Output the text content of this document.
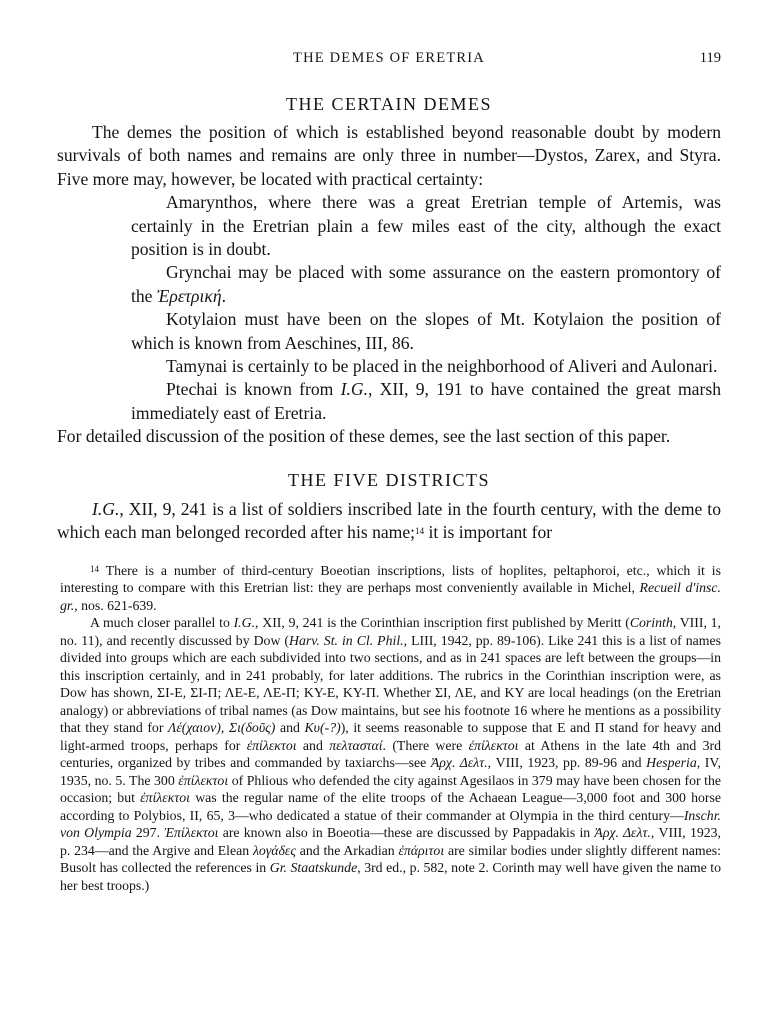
THE DEMES OF ERETRIA	119
THE CERTAIN DEMES

The demes the position of which is established beyond reasonable doubt by modern survivals of both names and remains are only three in number—Dystos, Zarex, and Styra. Five more may, however, be located with practical certainty:

Amarynthos, where there was a great Eretrian temple of Artemis, was certainly in the Eretrian plain a few miles east of the city, although the exact position is in doubt.

Grynchai may be placed with some assurance on the eastern promontory of the Ἐρετρική.

Kotylaion must have been on the slopes of Mt. Kotylaion the position of which is known from Aeschines, III, 86.

Tamynai is certainly to be placed in the neighborhood of Aliveri and Aulonari.

Ptechai is known from I.G., XII, 9, 191 to have contained the great marsh immediately east of Eretria.

For detailed discussion of the position of these demes, see the last section of this paper.

THE FIVE DISTRICTS

I.G., XII, 9, 241 is a list of soldiers inscribed late in the fourth century, with the deme to which each man belonged recorded after his name;$^{14}$ it is important for

$^{14}$ There is a number of third-century Boeotian inscriptions, lists of hoplites, peltaphoroi, etc., which it is interesting to compare with this Eretrian list: they are perhaps most conveniently available in Michel, Recueil d'insc. gr., nos. 621-639.

A much closer parallel to I.G., XII, 9, 241 is the Corinthian inscription first published by Meritt (Corinth, VIII, 1, no. 11), and recently discussed by Dow (Harv. St. in Cl. Phil., LIII, 1942, pp. 89-106). Like 241 this is a list of names divided into groups which are each subdivided into two sections, and as in 241 spaces are left between the groups—in this inscription certainly, and in 241 probably, for later additions. The rubrics in the Corinthian inscription were, as Dow has shown, ΣΙ-Ε, ΣΙ-Π; ΛΕ-Ε, ΛΕ-Π; ΚΥ-Ε, ΚΥ-Π. Whether ΣΙ, ΛΕ, and ΚΥ are local headings (on the Eretrian analogy) or abbreviations of tribal names (as Dow maintains, but see his footnote 16 where he mentions as a possibility that they stand for Λέ(χαιον), Σι(δοῦς) and Κυ(-?)), it seems reasonable to suppose that Ε and Π stand for heavy and light-armed troops, perhaps for ἐπίλεκτοι and πελτασταί. (There were ἐπίλεκτοι at Athens in the late 4th and 3rd centuries, organized by tribes and commanded by taxiarchs—see Ἀρχ. Δελτ., VIII, 1923, pp. 89-96 and Hesperia, IV, 1935, no. 5. The 300 ἐπίλεκτοι of Phlious who defended the city against Agesilaos in 379 may have been chosen for the occasion; but ἐπίλεκτοι was the regular name of the elite troops of the Achaean League—3,000 foot and 300 horse according to Polybios, II, 65, 3—who dedicated a statue of their commander at Olympia in the third century—Inschr. von Olympia 297. Ἐπίλεκτοι are known also in Boeotia—these are discussed by Pappadakis in Ἀρχ. Δελτ., VIII, 1923, p. 234—and the Argive and Elean λογάδες and the Arkadian ἐπάριτοι are similar bodies under slightly different names: Busolt has collected the references in Gr. Staatskunde, 3rd ed., p. 582, note 2. Corinth may well have given the name to her best troops.)
